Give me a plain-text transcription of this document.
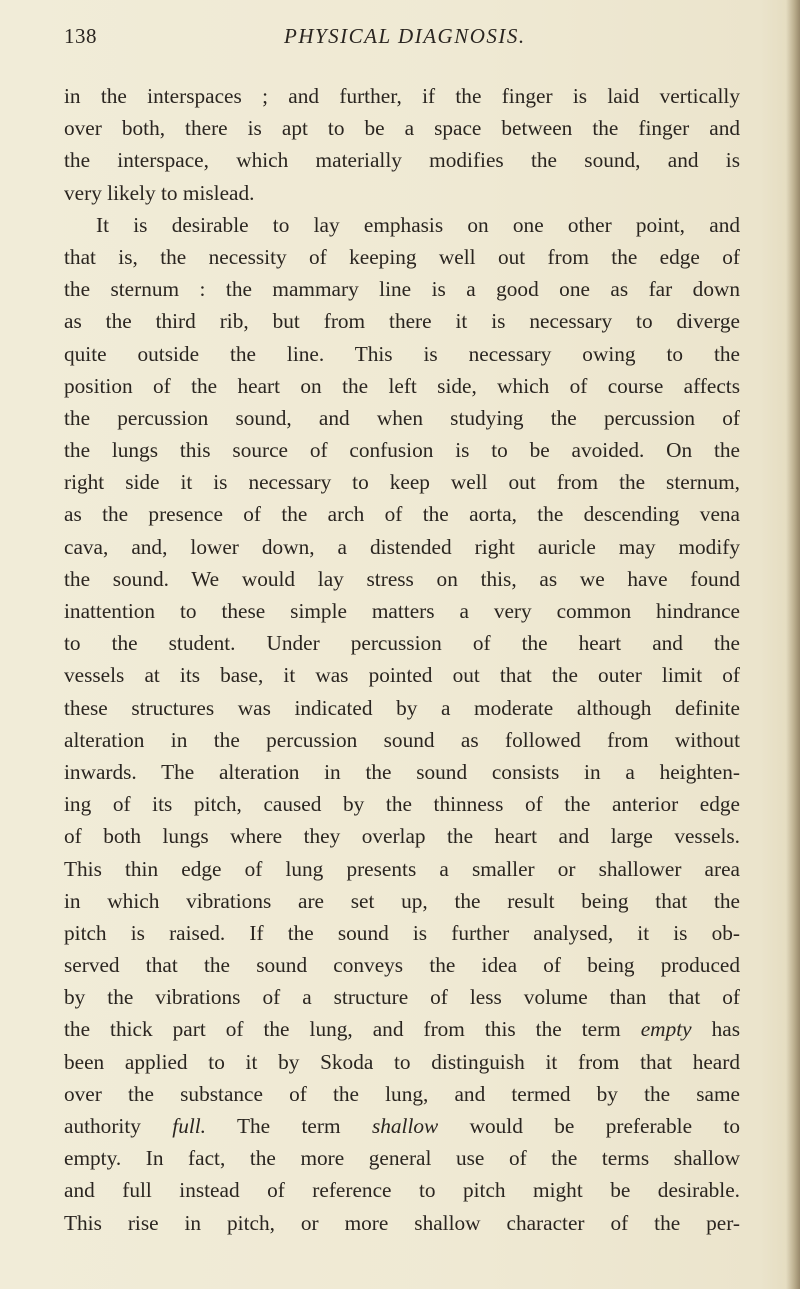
138	PHYSICAL DIAGNOSIS.
in the interspaces ; and further, if the finger is laid vertically
over both, there is apt to be a space between the finger and
the interspace, which materially modifies the sound, and is
very likely to mislead.
It is desirable to lay emphasis on one other point, and
that is, the necessity of keeping well out from the edge of
the sternum : the mammary line is a good one as far down
as the third rib, but from there it is necessary to diverge
quite outside the line. This is necessary owing to the
position of the heart on the left side, which of course affects
the percussion sound, and when studying the percussion of
the lungs this source of confusion is to be avoided. On the
right side it is necessary to keep well out from the sternum,
as the presence of the arch of the aorta, the descending vena
cava, and, lower down, a distended right auricle may modify
the sound. We would lay stress on this, as we have found
inattention to these simple matters a very common hindrance
to the student. Under percussion of the heart and the
vessels at its base, it was pointed out that the outer limit of
these structures was indicated by a moderate although definite
alteration in the percussion sound as followed from without
inwards. The alteration in the sound consists in a heighten-
ing of its pitch, caused by the thinness of the anterior edge
of both lungs where they overlap the heart and large vessels.
This thin edge of lung presents a smaller or shallower area
in which vibrations are set up, the result being that the
pitch is raised. If the sound is further analysed, it is ob-
served that the sound conveys the idea of being produced
by the vibrations of a structure of less volume than that of
the thick part of the lung, and from this the term empty has
been applied to it by Skoda to distinguish it from that heard
over the substance of the lung, and termed by the same
authority full. The term shallow would be preferable to
empty. In fact, the more general use of the terms shallow
and full instead of reference to pitch might be desirable.
This rise in pitch, or more shallow character of the per-
